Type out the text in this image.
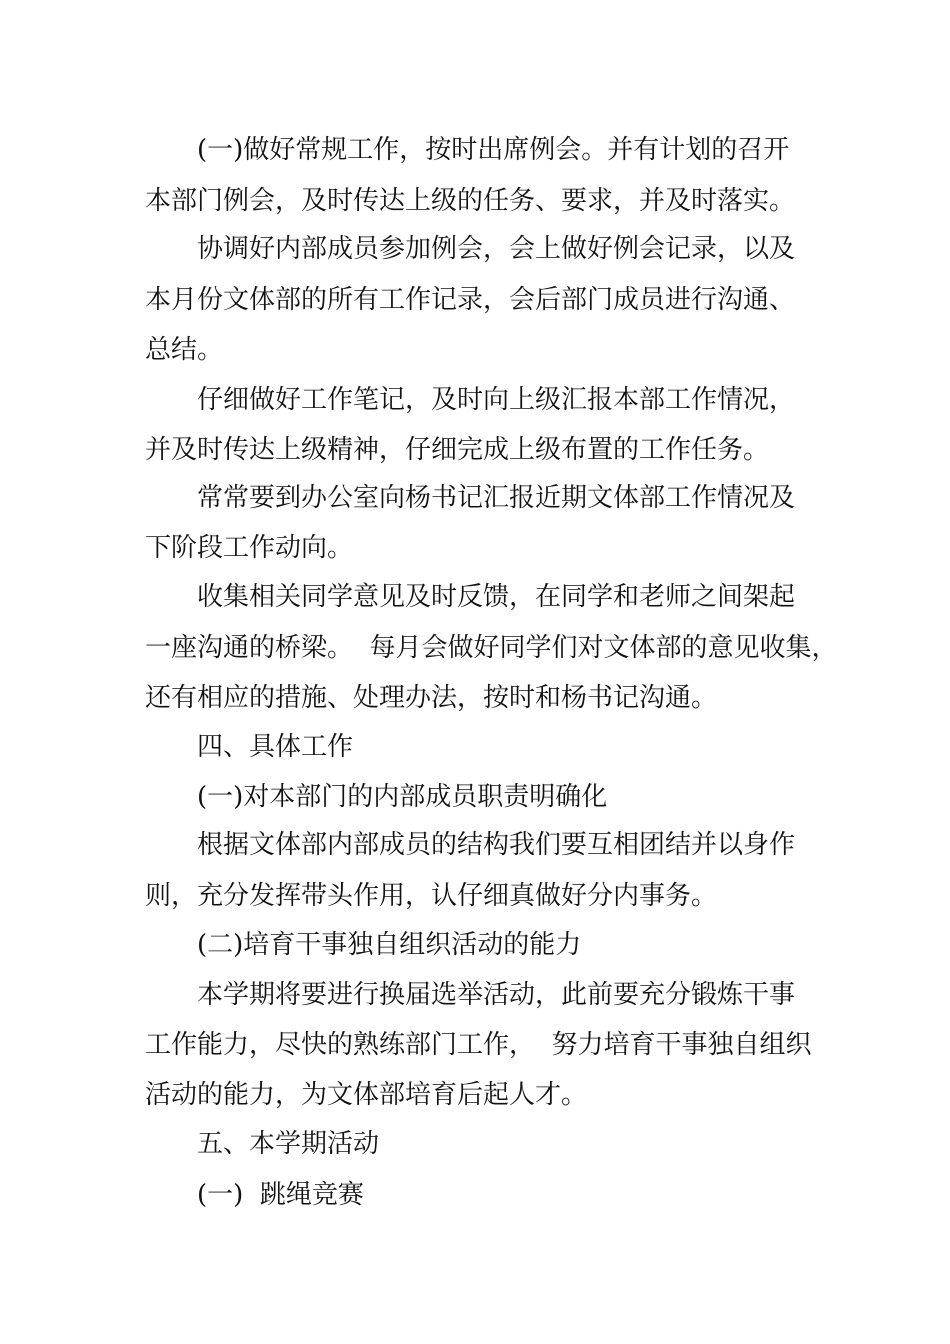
(一)做好常规工作，按时出席例会。并有计划的召开
本部门例会，及时传达上级的任务、要求，并及时落实。
协调好内部成员参加例会，会上做好例会记录，以及
本月份文体部的所有工作记录，会后部门成员进行沟通、
总结。
仔细做好工作笔记，及时向上级汇报本部工作情况，
并及时传达上级精神，仔细完成上级布置的工作任务。
常常要到办公室向杨书记汇报近期文体部工作情况及
下阶段工作动向。
收集相关同学意见及时反馈，在同学和老师之间架起
一座沟通的桥梁。  每月会做好同学们对文体部的意见收集，
还有相应的措施、处理办法，按时和杨书记沟通。
四、具体工作
(一)对本部门的内部成员职责明确化
根据文体部内部成员的结构我们要互相团结并以身作
则，充分发挥带头作用，认仔细真做好分内事务。
(二)培育干事独自组织活动的能力
本学期将要进行换届选举活动，此前要充分锻炼干事
工作能力，尽快的熟练部门工作，  努力培育干事独自组织
活动的能力，为文体部培育后起人才。
五、本学期活动
(一)  跳绳竞赛
